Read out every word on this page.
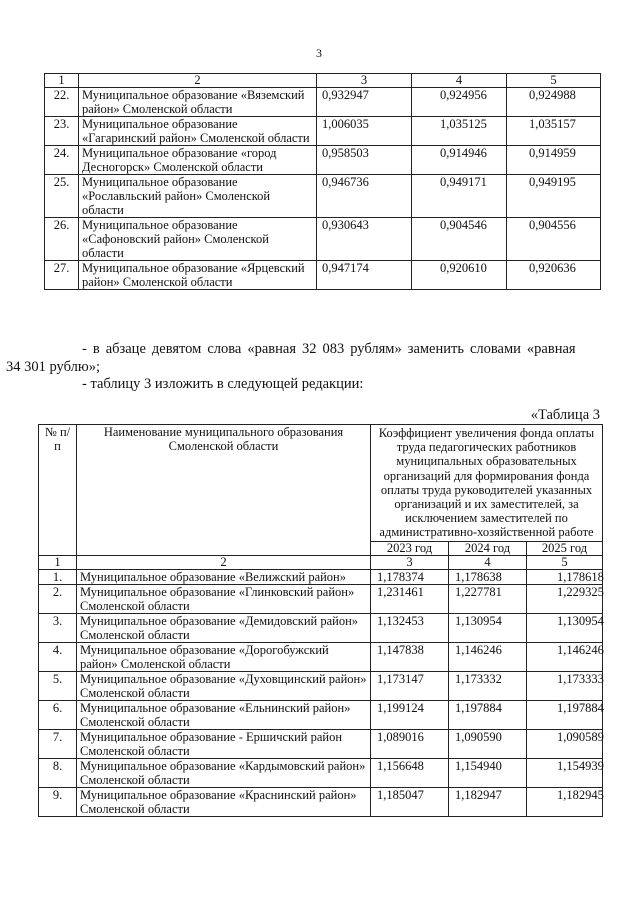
3
1	2	3	4	5
22.	Муниципальное образование «Вяземский район» Смоленской области	0,932947	0,924956	0,924988
23.	Муниципальное образование «Гагаринский район» Смоленской области	1,006035	1,035125	1,035157
24.	Муниципальное образование «город Десногорск» Смоленской области	0,958503	0,914946	0,914959
25.	Муниципальное образование «Рославльский район» Смоленской области	0,946736	0,949171	0,949195
26.	Муниципальное образование «Сафоновский район» Смоленской области	0,930643	0,904546	0,904556
27.	Муниципальное образование «Ярцевский район» Смоленской области	0,947174	0,920610	0,920636
- в абзаце девятом слова «равная 32 083 рублям» заменить словами «равная
34 301 рублю»;
- таблицу 3 изложить в следующей редакции:
«Таблица 3
№ п/п	Наименование муниципального образования Смоленской области	Коэффициент увеличения фонда оплаты труда педагогических работников муниципальных образовательных организаций для формирования фонда оплаты труда руководителей указанных организаций и их заместителей, за исключением заместителей по административно-хозяйственной работе		
		2023 год	2024 год	2025 год
1	2	3	4	5
1.	Муниципальное образование «Велижский район»	1,178374	1,178638	1,178618
2.	Муниципальное образование «Глинковский район» Смоленской области	1,231461	1,227781	1,229325
3.	Муниципальное образование «Демидовский район» Смоленской области	1,132453	1,130954	1,130954
4.	Муниципальное образование «Дорогобужский район» Смоленской области	1,147838	1,146246	1,146246
5.	Муниципальное образование «Духовщинский район» Смоленской области	1,173147	1,173332	1,173333
6.	Муниципальное образование «Ельнинский район» Смоленской области	1,199124	1,197884	1,197884
7.	Муниципальное образование - Ершичский район Смоленской области	1,089016	1,090590	1,090589
8.	Муниципальное образование «Кардымовский район» Смоленской области	1,156648	1,154940	1,154939
9.	Муниципальное образование «Краснинский район» Смоленской области	1,185047	1,182947	1,182945
